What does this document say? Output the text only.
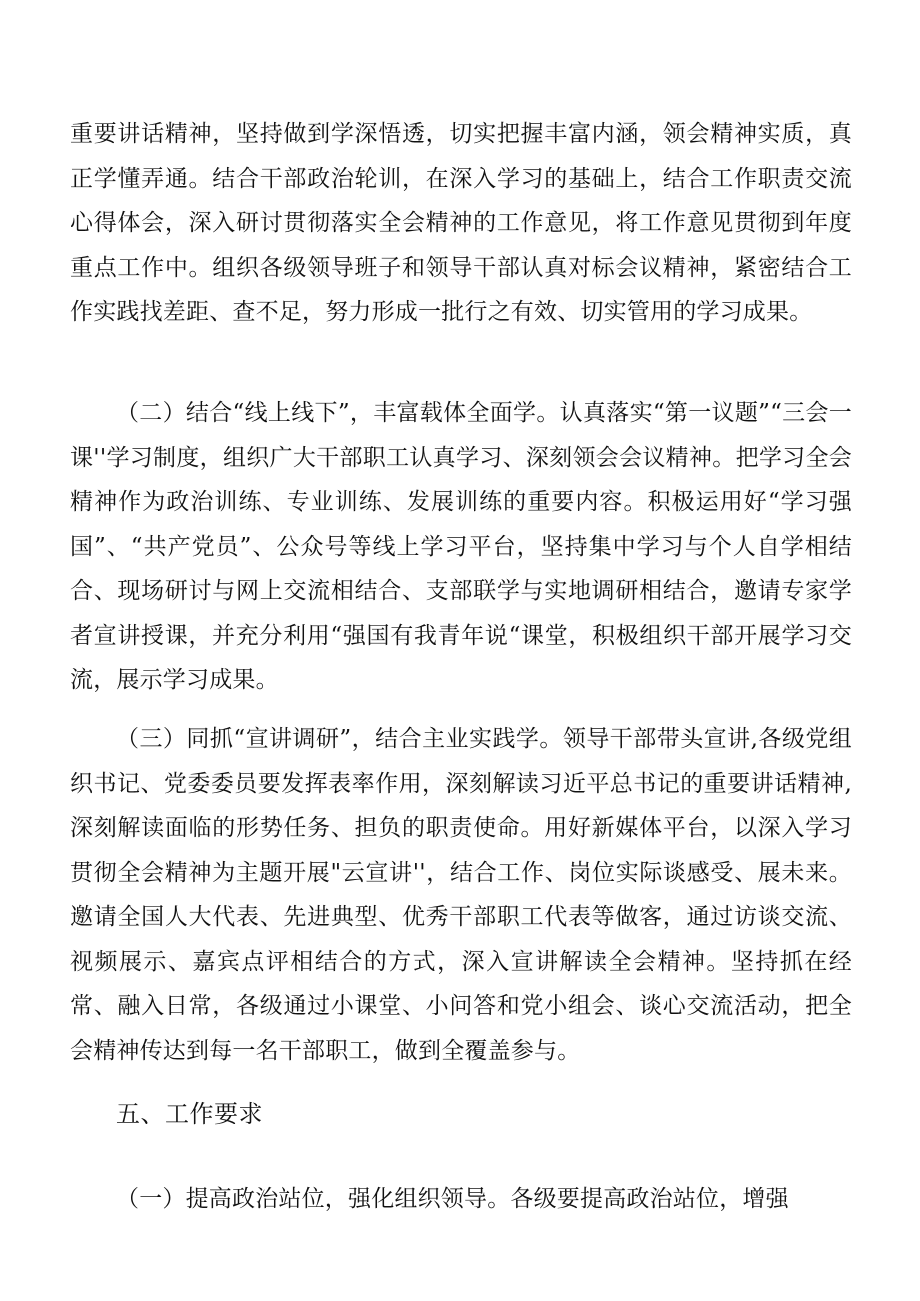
重要讲话精神，坚持做到学深悟透，切实把握丰富内涵，领会精神实质，真正学懂弄通。结合干部政治轮训，在深入学习的基础上，结合工作职责交流心得体会，深入研讨贯彻落实全会精神的工作意见，将工作意见贯彻到年度重点工作中。组织各级领导班子和领导干部认真对标会议精神，紧密结合工作实践找差距、查不足，努力形成一批行之有效、切实管用的学习成果。

（二）结合“线上线下”，丰富载体全面学。认真落实“第一议题”“三会一课''学习制度，组织广大干部职工认真学习、深刻领会会议精神。把学习全会精神作为政治训练、专业训练、发展训练的重要内容。积极运用好“学习强国”、“共产党员”、公众号等线上学习平台，坚持集中学习与个人自学相结合、现场研讨与网上交流相结合、支部联学与实地调研相结合，邀请专家学者宣讲授课，并充分利用“强国有我青年说“课堂，积极组织干部开展学习交流，展示学习成果。

（三）同抓“宣讲调研”，结合主业实践学。领导干部带头宣讲,各级党组织书记、党委委员要发挥表率作用，深刻解读习近平总书记的重要讲话精神,深刻解读面临的形势任务、担负的职责使命。用好新媒体平台，以深入学习贯彻全会精神为主题开展"云宣讲''，结合工作、岗位实际谈感受、展未来。邀请全国人大代表、先进典型、优秀干部职工代表等做客，通过访谈交流、视频展示、嘉宾点评相结合的方式，深入宣讲解读全会精神。坚持抓在经常、融入日常，各级通过小课堂、小问答和党小组会、谈心交流活动，把全会精神传达到每一名干部职工，做到全覆盖参与。

五、工作要求

（一）提高政治站位，强化组织领导。各级要提高政治站位，增强
